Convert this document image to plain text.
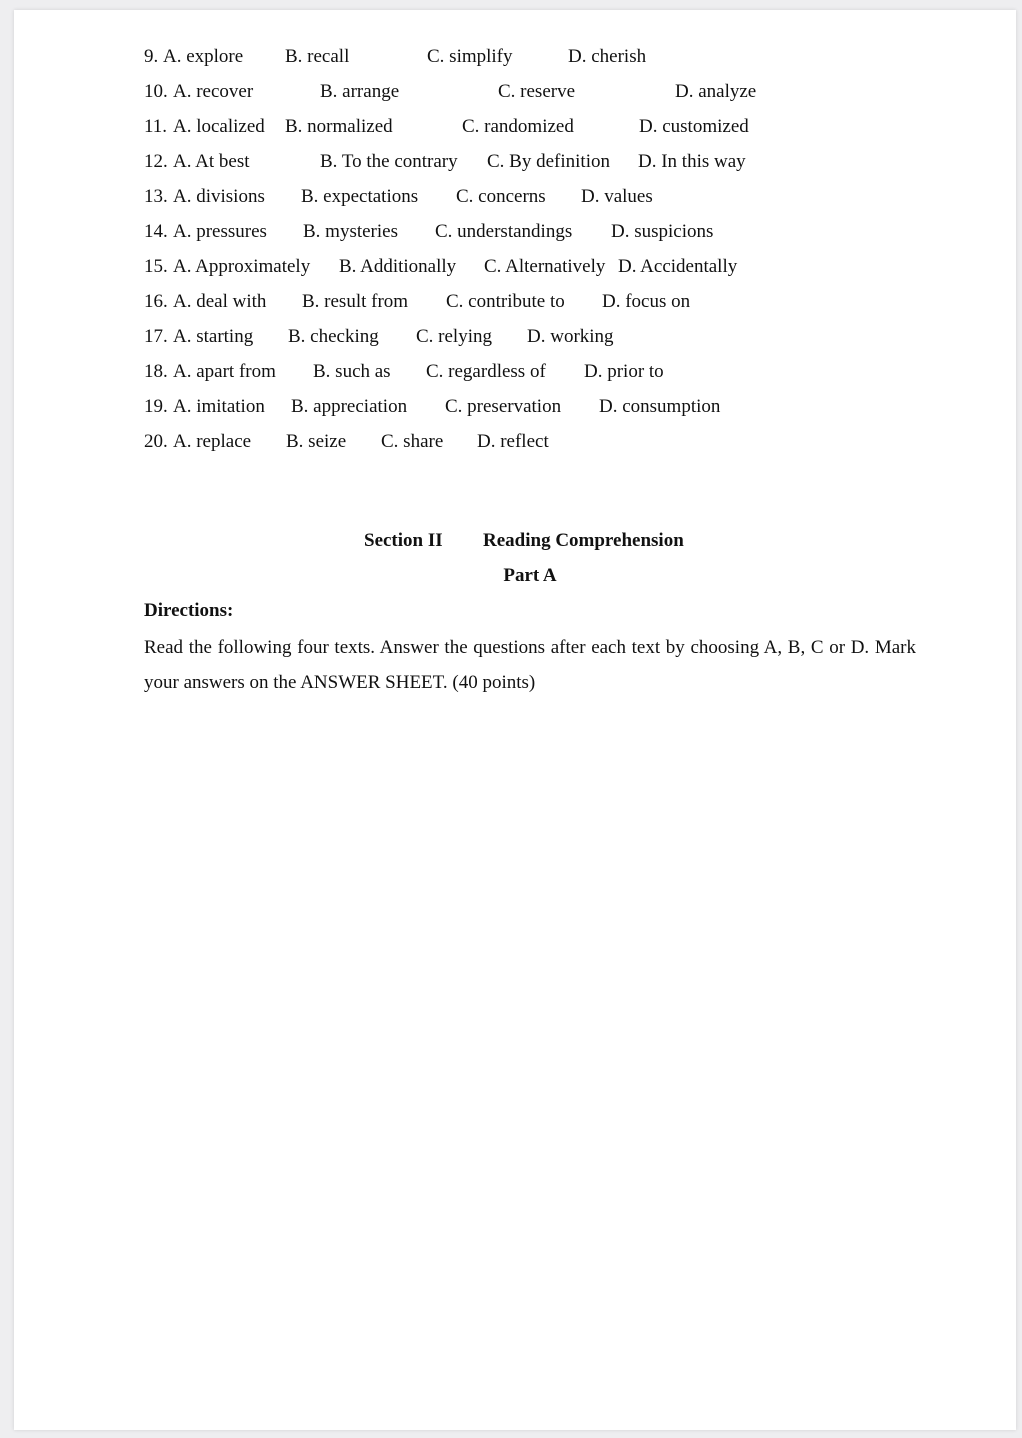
9. A. explore B. recall	C. simplify	D. cherish
10. A. recover	B. arrange	C. reserve	D. analyze
11. A. localized B. normalized	C. randomized	D. customized
12. A. At best	B. To the contrary C. By definition D. In this way
13. A. divisions B. expectations C. concerns D. values
14. A. pressures B. mysteries C. understandings D. suspicions
15. A. Approximately B. Additionally C. Alternatively D. Accidentally
16. A. deal with B. result from C. contribute to D. focus on
17. A. starting B. checking C. relying D. working
18. A. apart from B. such as C. regardless of D. prior to
19. A. imitation B. appreciation C. preservation D. consumption
20. A. replace B. seize C. share D. reflect
Section II Reading Comprehension
Part A
Directions:
Read the following four texts. Answer the questions after each text by choosing A, B, C or D. Mark your answers on the ANSWER SHEET. (40 points)
